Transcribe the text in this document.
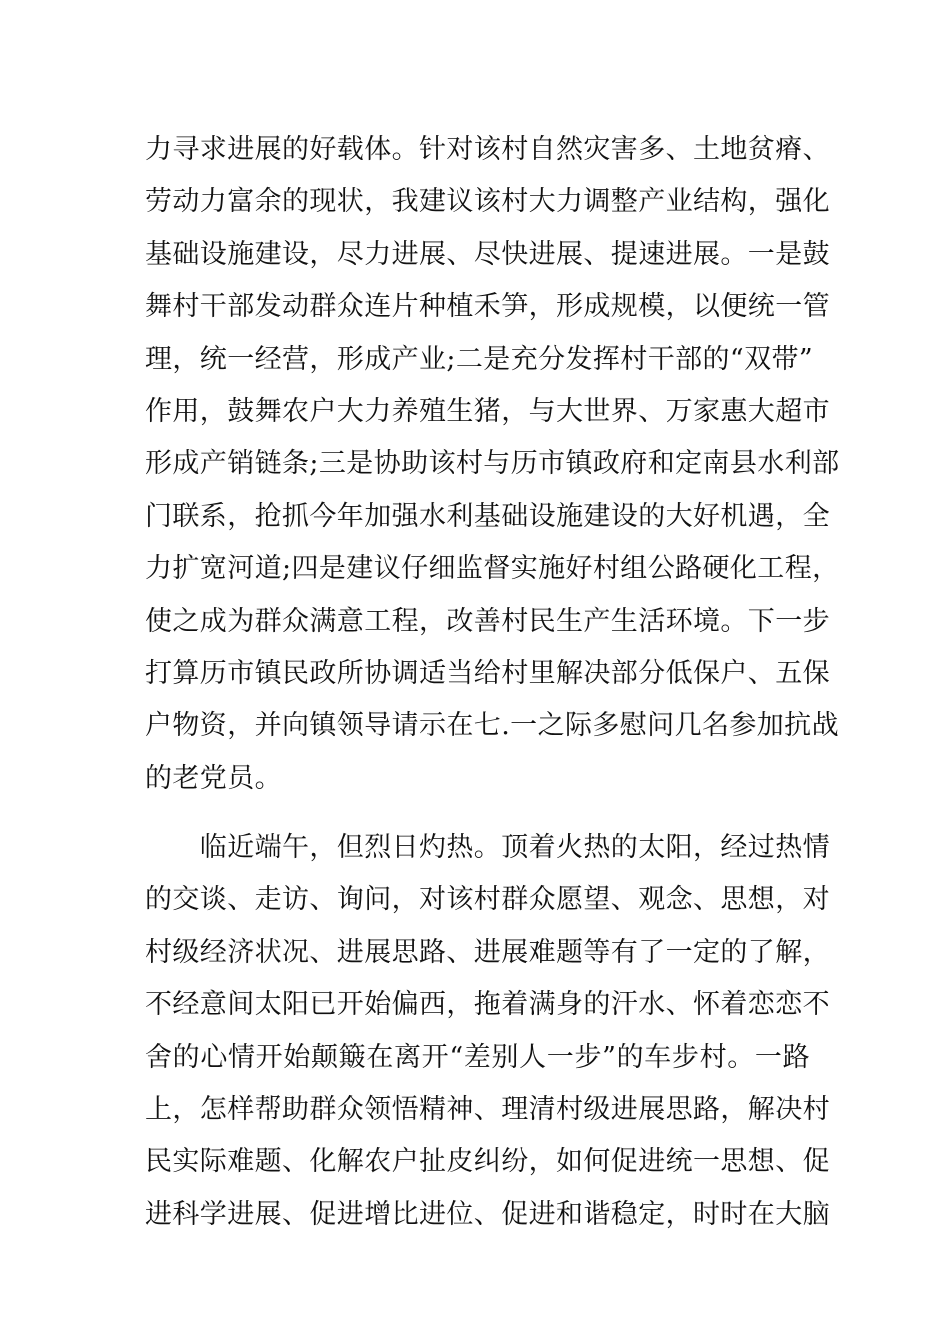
力寻求进展的好载体。针对该村自然灾害多、土地贫瘠、
劳动力富余的现状，我建议该村大力调整产业结构，强化
基础设施建设，尽力进展、尽快进展、提速进展。一是鼓
舞村干部发动群众连片种植禾笋，形成规模，以便统一管
理，统一经营，形成产业;二是充分发挥村干部的“双带”
作用，鼓舞农户大力养殖生猪，与大世界、万家惠大超市
形成产销链条;三是协助该村与历市镇政府和定南县水利部
门联系，抢抓今年加强水利基础设施建设的大好机遇，全
力扩宽河道;四是建议仔细监督实施好村组公路硬化工程，
使之成为群众满意工程，改善村民生产生活环境。下一步
打算历市镇民政所协调适当给村里解决部分低保户、五保
户物资，并向镇领导请示在七.一之际多慰问几名参加抗战
的老党员。
　　临近端午，但烈日灼热。顶着火热的太阳，经过热情
的交谈、走访、询问，对该村群众愿望、观念、思想，对
村级经济状况、进展思路、进展难题等有了一定的了解，
不经意间太阳已开始偏西，拖着满身的汗水、怀着恋恋不
舍的心情开始颠簸在离开“差别人一步”的车步村。一路
上，怎样帮助群众领悟精神、理清村级进展思路，解决村
民实际难题、化解农户扯皮纠纷，如何促进统一思想、促
进科学进展、促进增比进位、促进和谐稳定，时时在大脑
